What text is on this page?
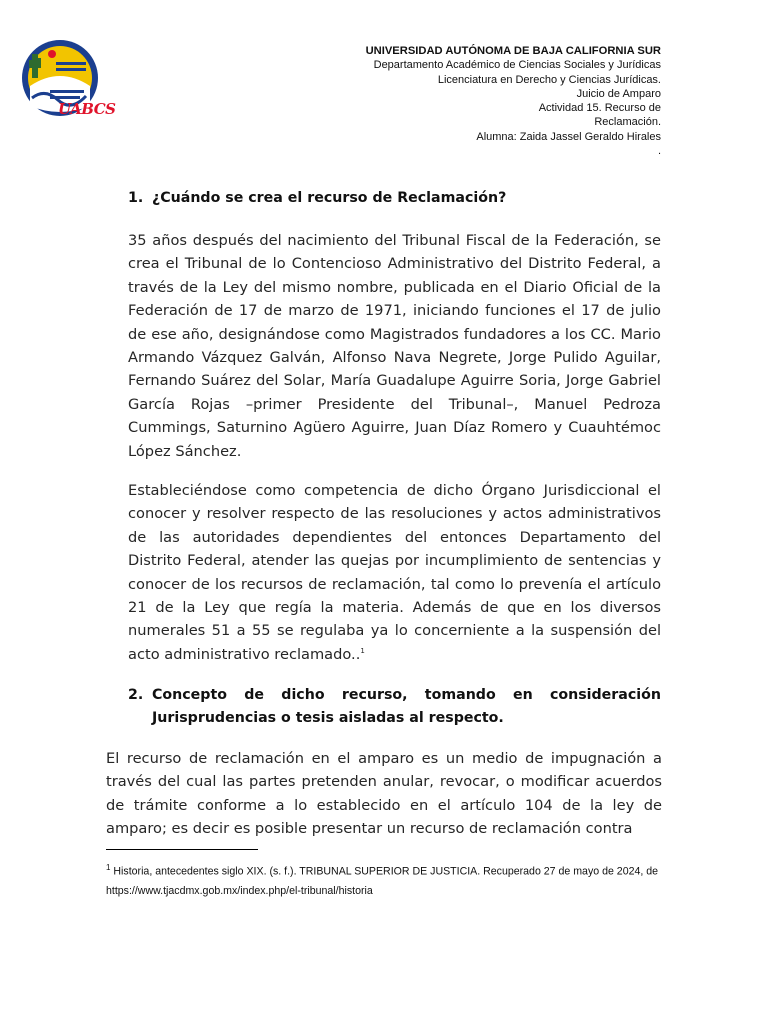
UABCS
UNIVERSIDAD AUTÓNOMA DE BAJA CALIFORNIA SUR
Departamento Académico de Ciencias Sociales y Jurídicas
Licenciatura en Derecho y Ciencias Jurídicas.
Juicio de Amparo
Actividad 15. Recurso de
Reclamación.
Alumna: Zaida Jassel Geraldo Hirales
.
1. ¿Cuándo se crea el recurso de Reclamación?
35 años después del nacimiento del Tribunal Fiscal de la Federación, se crea el Tribunal de lo Contencioso Administrativo del Distrito Federal, a través de la Ley del mismo nombre, publicada en el Diario Oficial de la Federación de 17 de marzo de 1971, iniciando funciones el 17 de julio de ese año, designándose como Magistrados fundadores a los CC. Mario Armando Vázquez Galván, Alfonso Nava Negrete, Jorge Pulido Aguilar, Fernando Suárez del Solar, María Guadalupe Aguirre Soria, Jorge Gabriel García Rojas –primer Presidente del Tribunal–, Manuel Pedroza Cummings, Saturnino Agüero Aguirre, Juan Díaz Romero y Cuauhtémoc López Sánchez.
Estableciéndose como competencia de dicho Órgano Jurisdiccional el conocer y resolver respecto de las resoluciones y actos administrativos de las autoridades dependientes del entonces Departamento del Distrito Federal, atender las quejas por incumplimiento de sentencias y conocer de los recursos de reclamación, tal como lo prevenía el artículo 21 de la Ley que regía la materia. Además de que en los diversos numerales 51 a 55 se regulaba ya lo concerniente a la suspensión del acto administrativo reclamado..$^1$
2. Concepto de dicho recurso, tomando en consideración Jurisprudencias o tesis aisladas al respecto.
El recurso de reclamación en el amparo es un medio de impugnación a través del cual las partes pretenden anular, revocar, o modificar acuerdos de trámite conforme a lo establecido en el artículo 104 de la ley de amparo; es decir es posible presentar un recurso de reclamación contra
$^1$ Historia, antecedentes siglo XIX. (s. f.). TRIBUNAL SUPERIOR DE JUSTICIA. Recuperado 27 de mayo de 2024, de https://www.tjacdmx.gob.mx/index.php/el-tribunal/historia
